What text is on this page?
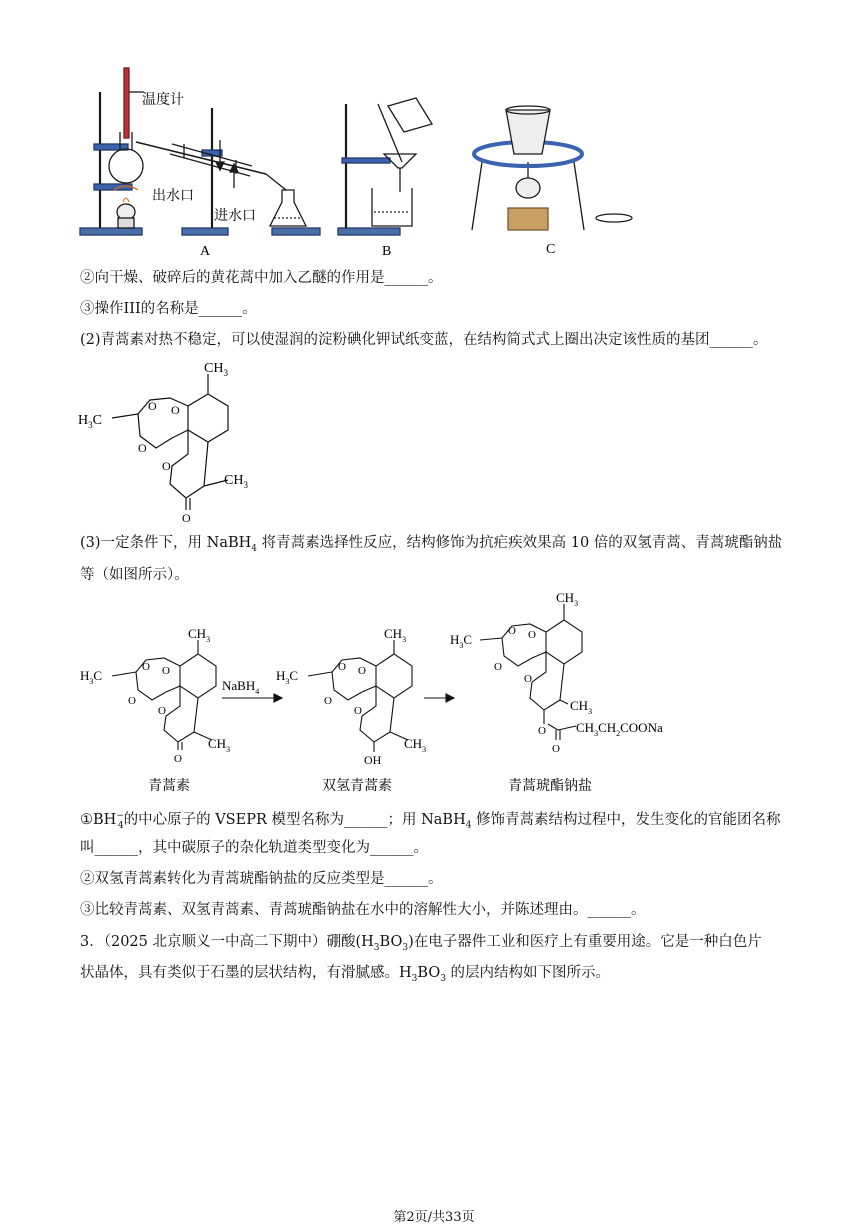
温度计
出水口
进水口
A	B	C
②向干燥、破碎后的黄花蒿中加入乙醚的作用是______。
③操作III的名称是______。
(2)青蒿素对热不稳定，可以使湿润的淀粉碘化钾试纸变蓝，在结构简式式上圈出决定该性质的基团______。
$CH_3$
$H_3C$
O O
O
O
$CH_3$
O
(3)一定条件下，用 NaBH$_4$ 将青蒿素选择性反应，结构修饰为抗疟疾效果高 10 倍的双氢青蒿、青蒿琥酯钠盐
等（如图所示）。
$CH_3$
$H_3C$
O O
O
O
$CH_3$
O
NaBH$_4$
$CH_3$
$H_3C$
O O
O
O
$CH_3$
OH
$CH_3$
$H_3C$
O O
O
O
$CH_3$
O $CH_3CH_2COONa$
O
青蒿素	双氢青蒿素	青蒿琥酯钠盐
$①BH^-_4$的中心原子的 VSEPR 模型名称为______；用 NaBH$_4$ 修饰青蒿素结构过程中，发生变化的官能团名称
叫______，其中碳原子的杂化轨道类型变化为______。
②双氢青蒿素转化为青蒿琥酯钠盐的反应类型是______。
③比较青蒿素、双氢青蒿素、青蒿琥酯钠盐在水中的溶解性大小，并陈述理由。______。
3．（2025 北京顺义一中高二下期中）硼酸$(H_3BO_3)$在电子器件工业和医疗上有重要用途。它是一种白色片
状晶体，具有类似于石墨的层状结构，有滑腻感。$H_3BO_3$ 的层内结构如下图所示。
第2页/共33页
